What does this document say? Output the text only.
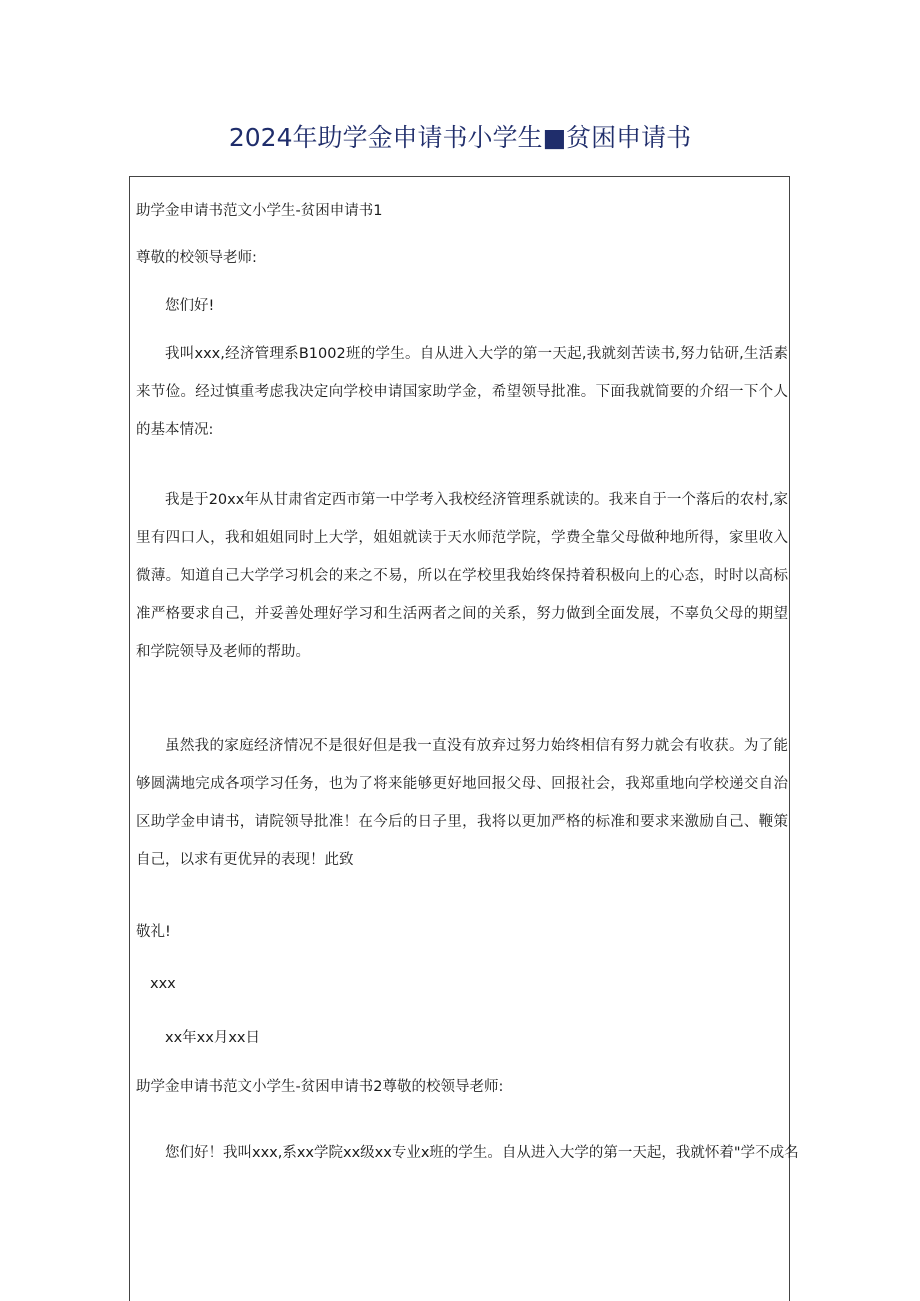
2024年助学金申请书小学生■贫困申请书
助学金申请书范文小学生-贫困申请书1
尊敬的校领导老师:
您们好!
我叫xxx,经济管理系B1002班的学生。自从进入大学的第一天起,我就刻苦读书,努力钻研,生活素来节俭。经过慎重考虑我决定向学校申请国家助学金，希望领导批准。下面我就简要的介绍一下个人的基本情况:
我是于20xx年从甘肃省定西市第一中学考入我校经济管理系就读的。我来自于一个落后的农村,家里有四口人，我和姐姐同时上大学，姐姐就读于天水师范学院，学费全靠父母做种地所得，家里收入微薄。知道自己大学学习机会的来之不易，所以在学校里我始终保持着积极向上的心态，时时以高标准严格要求自己，并妥善处理好学习和生活两者之间的关系，努力做到全面发展，不辜负父母的期望和学院领导及老师的帮助。
虽然我的家庭经济情况不是很好但是我一直没有放弃过努力始终相信有努力就会有收获。为了能够圆满地完成各项学习任务，也为了将来能够更好地回报父母、回报社会，我郑重地向学校递交自治区助学金申请书，请院领导批准！在今后的日子里，我将以更加严格的标准和要求来激励自己、鞭策自己，以求有更优异的表现！此致
敬礼!
xxx
xx年xx月xx日
助学金申请书范文小学生-贫困申请书2尊敬的校领导老师:
您们好！我叫xxx,系xx学院xx级xx专业x班的学生。自从进入大学的第一天起，我就怀着"学不成名
